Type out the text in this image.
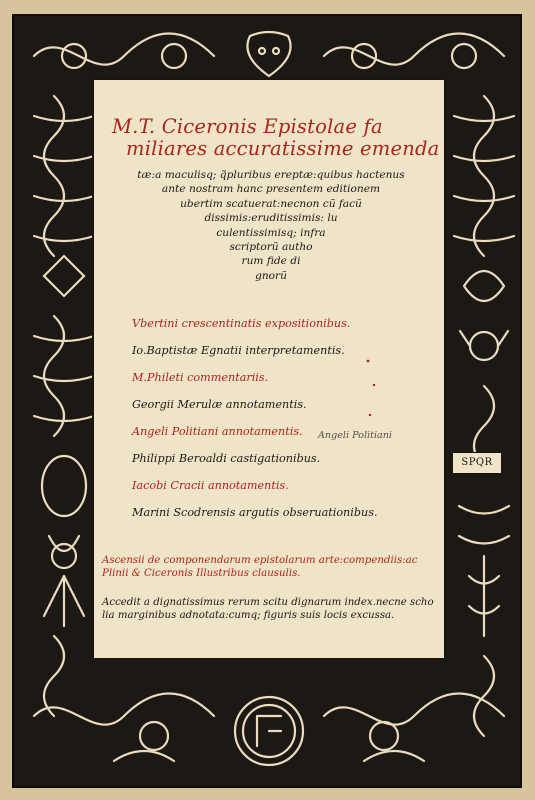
SPQR
M.T. Ciceronis Epistolae fa
miliares accuratissime emenda
tæ:a maculisq; q̃pluribus ereptæ:quibus hactenus
ante nostram hanc presentem editionem
ubertim scatuerat:necnon cũ facũ
dissimis:eruditissimis: lu
culentissimisq; infra
scriptorũ autho
rum fide di
gnorũ
Vbertini crescentinatis expositionibus.
Io.Baptistæ Egnatii interpretamentis.
M.Phileti commentariis.
Georgii Merulæ annotamentis.
Angeli Politiani annotamentis.
Philippi Beroaldi castigationibus.
Iacobi Cracii annotamentis.
Marini Scodrensis argutis obseruationibus.
Angeli Politiani
Ascensii de componendarum epistolarum arte:compendiis:ac
Plinii & Ciceronis Illustribus clausulis.
Accedit a dignatissimus rerum scitu dignarum index.necne scho
lia marginibus adnotata:cumq; figuris suis locis excussa.
